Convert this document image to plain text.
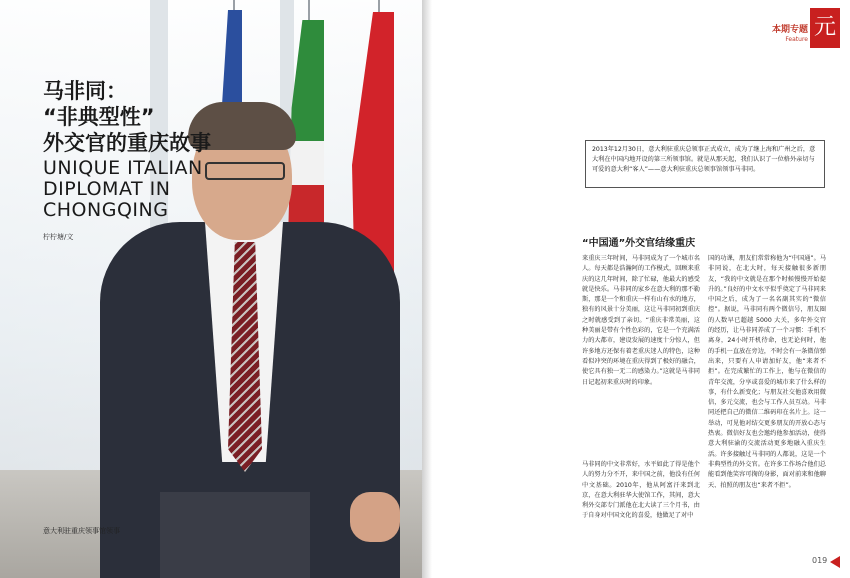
马非同：
“非典型性”
外交官的重庆故事
UNIQUE ITALIAN
DIPLOMAT IN
CHONGQING
柠柠塘/文
意大利驻重庆领事馆领事
本期专题
Feature 元
2013年12月30日，意大利驻重庆总领事正式成立，成为了继上海和广州之后，意大利在中国内地开设的第三所领事馆。就是从那天起，我们认识了一位格外亲切与可爱的意大利“客人”——意大利驻重庆总领事馆领事马非同。
“中国通”外交官结缘重庆
来重庆三年时间，马非同成为了一个城市名人。每天都是浩瀚阿的工作模式，回顾来重庆的这几年时间，除了忙碌，他最大的感受就是快乐。马非同的家乡在意大利的那不勒斯，那是一个和重庆一样有山有水的地方，独有的风景十分美丽，这让马非同初到重庆之时就感受到了亲切。“重庆非常美丽，这种美丽是带有个性色彩的，它是一个充满活力的大都市，建设发展的速度十分惊人，但许多地方还保有着老重庆迷人的特色，这种看似冲突的环境在重庆得到了极好的融合，使它具有独一无二的感染力。”这就是马非同日记起初来重庆时的印象。
马非同的中文非常好，水平如此了得是他个人的努力分不开，来中国之前，他没有任何中文基础。2010年，他从阿富汗来到北京，在意大利驻华大使馆工作，其间，意大利外交部专门派他在北大读了三个月书，由于自身对中国文化的喜爱，他做足了对中
国的功课，朋友们常常称他为“中国通”。马非同说，在北大时，每天接触很多新朋友，“我的中文就是在那个时候慢慢开始提升的。”良好的中文水平似乎奠定了马非同来中国之后，成为了一名名副其实的“微信控”。据说，马非同有两个微信号，朋友圈的人数早已超越 5000 大关，多年外交官的经历，让马非同养成了一个习惯：手机不离身，24小时开机待命，也无论何时，他的手机一直放在旁边，不时会有一条微信弹出来，只要有人申请加好友，他“来者不拒”。在完成繁忙的工作上，他与在微信的青年交流，分享或喜爱的城市来了什么样的事，有什么新变化；与朋友社交他喜欢用微信，多元交流，也会与工作人员互动。马非同还把自己的微信二维码印在名片上。这一举动，可见他对结交更多朋友的开放心态与热衷。微信好友也会邀约他参加活动，使得意大利驻渝的交流活动更多地融入重庆生活。许多接触过马非同的人都说，这是一个非典型性的外交官。在许多工作场合他们总能看到他笑容可掬的身影，面对前来和他聊天、拍照的朋友也“来者不拒”。
019
